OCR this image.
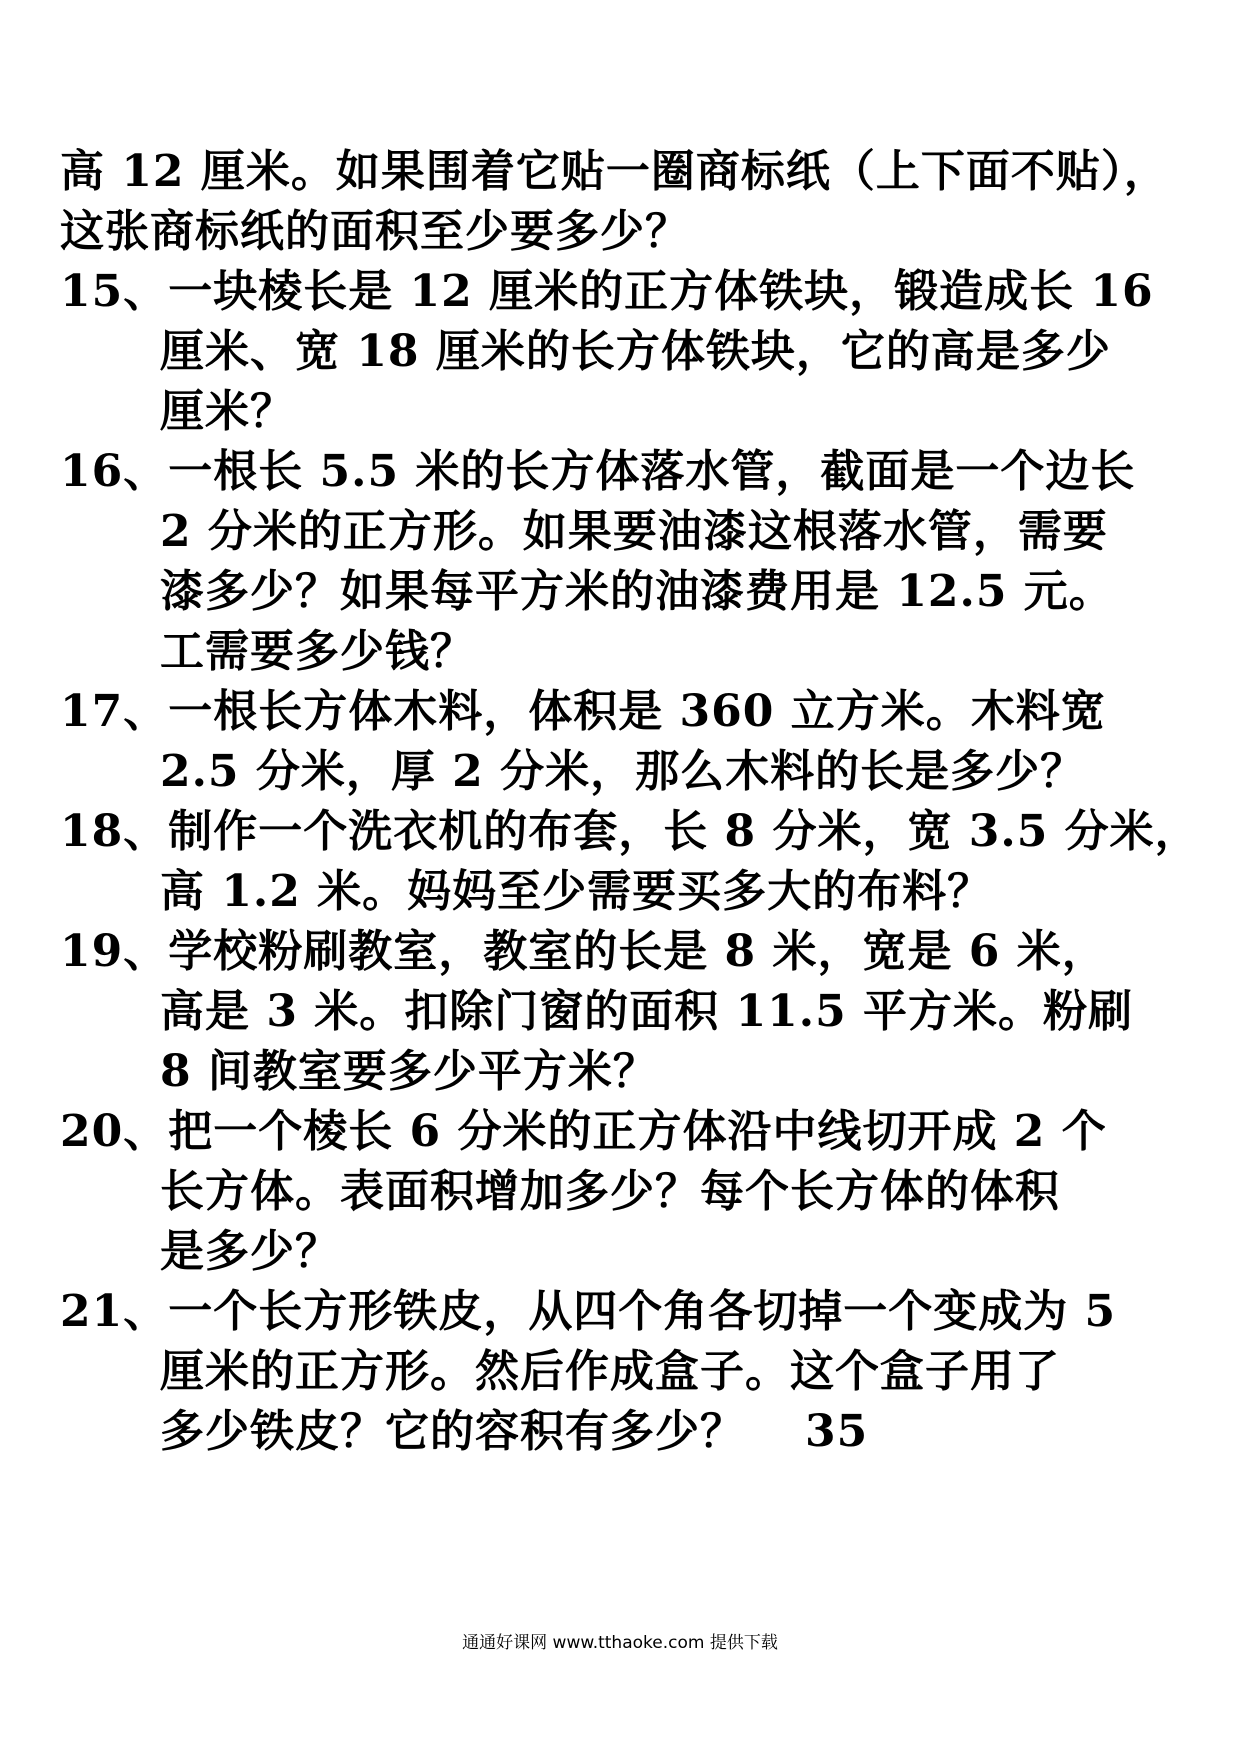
高 12 厘米。如果围着它贴一圈商标纸（上下面不贴），
这张商标纸的面积至少要多少？
15、一块棱长是 12 厘米的正方体铁块，锻造成长 16
厘米、宽 18 厘米的长方体铁块，它的高是多少
厘米？
16、一根长 5.5 米的长方体落水管，截面是一个边长
2 分米的正方形。如果要油漆这根落水管，需要
漆多少？如果每平方米的油漆费用是 12.5 元。
工需要多少钱？
17、一根长方体木料，体积是 360 立方米。木料宽
2.5 分米，厚 2 分米，那么木料的长是多少？
18、制作一个洗衣机的布套，长 8 分米，宽 3.5 分米，
高 1.2 米。妈妈至少需要买多大的布料？
19、学校粉刷教室，教室的长是 8 米，宽是 6 米，
高是 3 米。扣除门窗的面积 11.5 平方米。粉刷
8 间教室要多少平方米？
20、把一个棱长 6 分米的正方体沿中线切开成 2 个
长方体。表面积增加多少？每个长方体的体积
是多少？
21、一个长方形铁皮，从四个角各切掉一个变成为 5
厘米的正方形。然后作成盒子。这个盒子用了
多少铁皮？它的容积有多少？ 35
通通好课网 www.tthaoke.com 提供下载
